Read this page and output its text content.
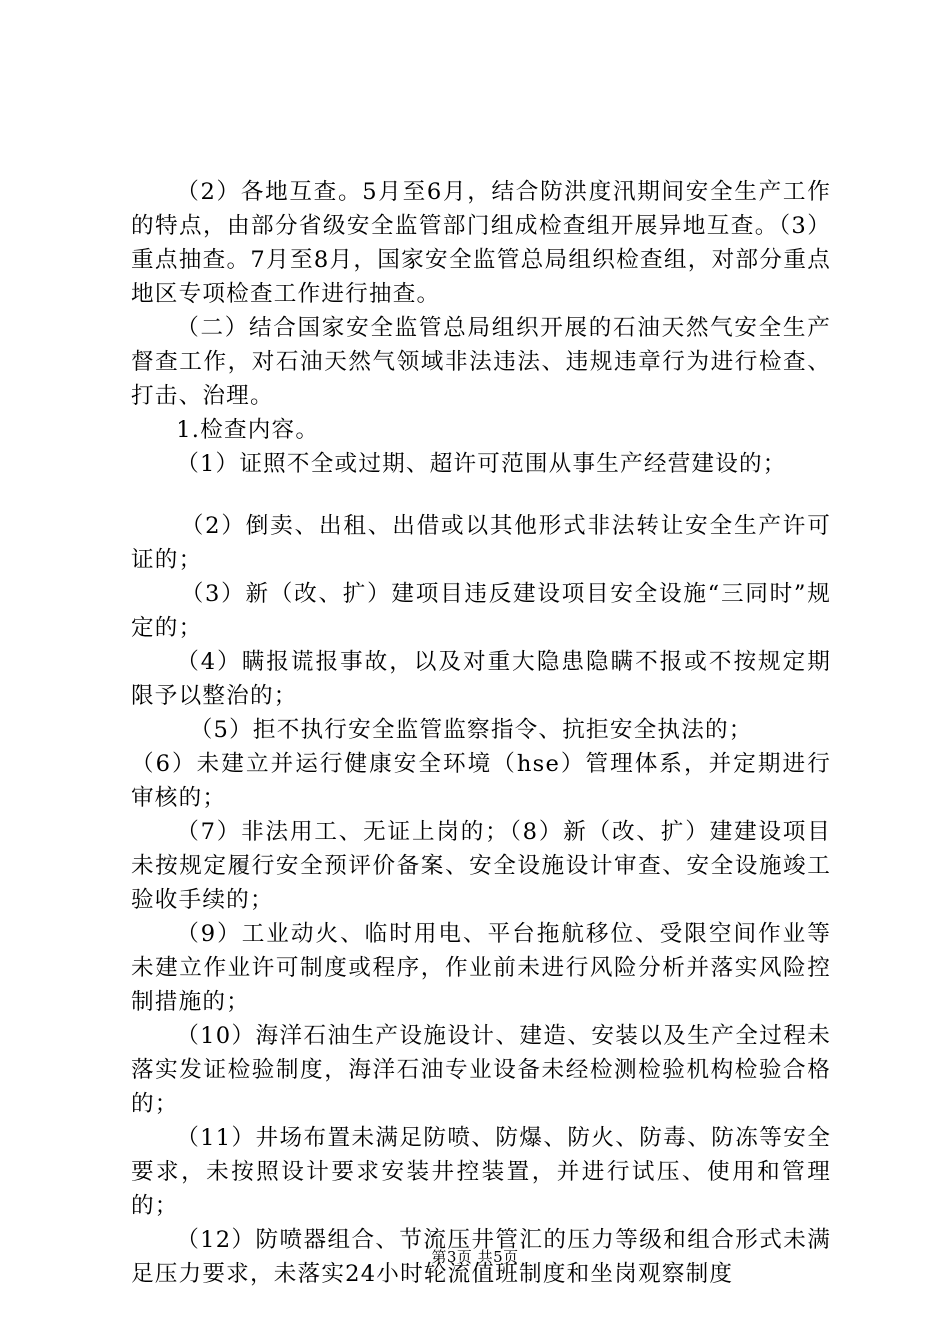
（2）各地互查。5月至6月，结合防洪度汛期间安全生产工作的特点，由部分省级安全监管部门组成检查组开展异地互查。（3）重点抽查。7月至8月，国家安全监管总局组织检查组，对部分重点地区专项检查工作进行抽查。

（二）结合国家安全监管总局组织开展的石油天然气安全生产督查工作，对石油天然气领域非法违法、违规违章行为进行检查、打击、治理。

1.检查内容。

（1）证照不全或过期、超许可范围从事生产经营建设的；

（2）倒卖、出租、出借或以其他形式非法转让安全生产许可证的；

（3）新（改、扩）建项目违反建设项目安全设施“三同时”规定的；

（4）瞒报谎报事故，以及对重大隐患隐瞒不报或不按规定期限予以整治的；

（5）拒不执行安全监管监察指令、抗拒安全执法的；

（6）未建立并运行健康安全环境（hse）管理体系，并定期进行审核的；

（7）非法用工、无证上岗的；（8）新（改、扩）建建设项目未按规定履行安全预评价备案、安全设施设计审查、安全设施竣工验收手续的；

（9）工业动火、临时用电、平台拖航移位、受限空间作业等未建立作业许可制度或程序，作业前未进行风险分析并落实风险控制措施的；

（10）海洋石油生产设施设计、建造、安装以及生产全过程未落实发证检验制度，海洋石油专业设备未经检测检验机构检验合格的；

（11）井场布置未满足防喷、防爆、防火、防毒、防冻等安全要求，未按照设计要求安装井控装置，并进行试压、使用和管理的；

（12）防喷器组合、节流压井管汇的压力等级和组合形式未满足压力要求，未落实24小时轮流值班制度和坐岗观察制度

第3页 共5页
